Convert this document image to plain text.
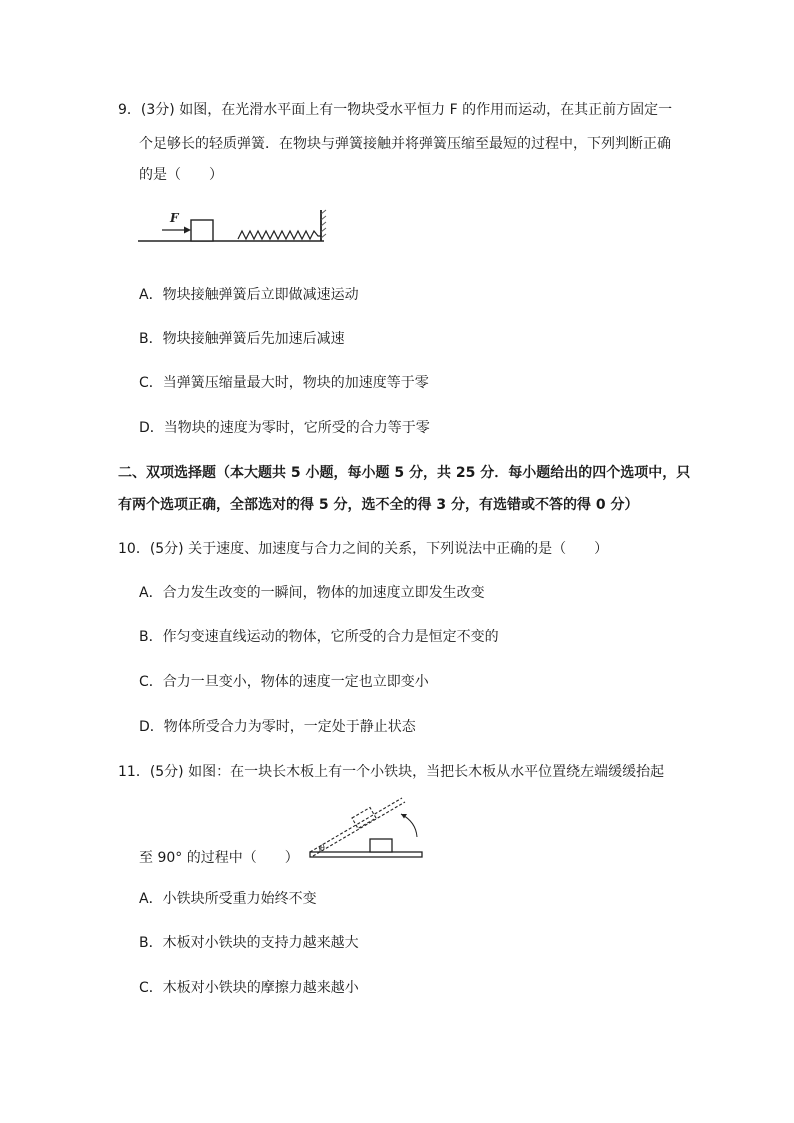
9．(3分) 如图，在光滑水平面上有一物块受水平恒力 F 的作用而运动，在其正前方固定一
个足够长的轻质弹簧．在物块与弹簧接触并将弹簧压缩至最短的过程中，下列判断正确
的是（　　）
F
A．物块接触弹簧后立即做减速运动
B．物块接触弹簧后先加速后减速
C．当弹簧压缩量最大时，物块的加速度等于零
D．当物块的速度为零时，它所受的合力等于零
二、双项选择题（本大题共 5 小题，每小题 5 分，共 25 分．每小题给出的四个选项中，只
有两个选项正确，全部选对的得 5 分，选不全的得 3 分，有选错或不答的得 0 分）
10．(5分) 关于速度、加速度与合力之间的关系，下列说法中正确的是（　　）
A．合力发生改变的一瞬间，物体的加速度立即发生改变
B．作匀变速直线运动的物体，它所受的合力是恒定不变的
C．合力一旦变小，物体的速度一定也立即变小
D．物体所受合力为零时，一定处于静止状态
11．(5分) 如图：在一块长木板上有一个小铁块，当把长木板从水平位置绕左端缓缓抬起
θ
至 90° 的过程中（　　）
A．小铁块所受重力始终不变
B．木板对小铁块的支持力越来越大
C．木板对小铁块的摩擦力越来越小
